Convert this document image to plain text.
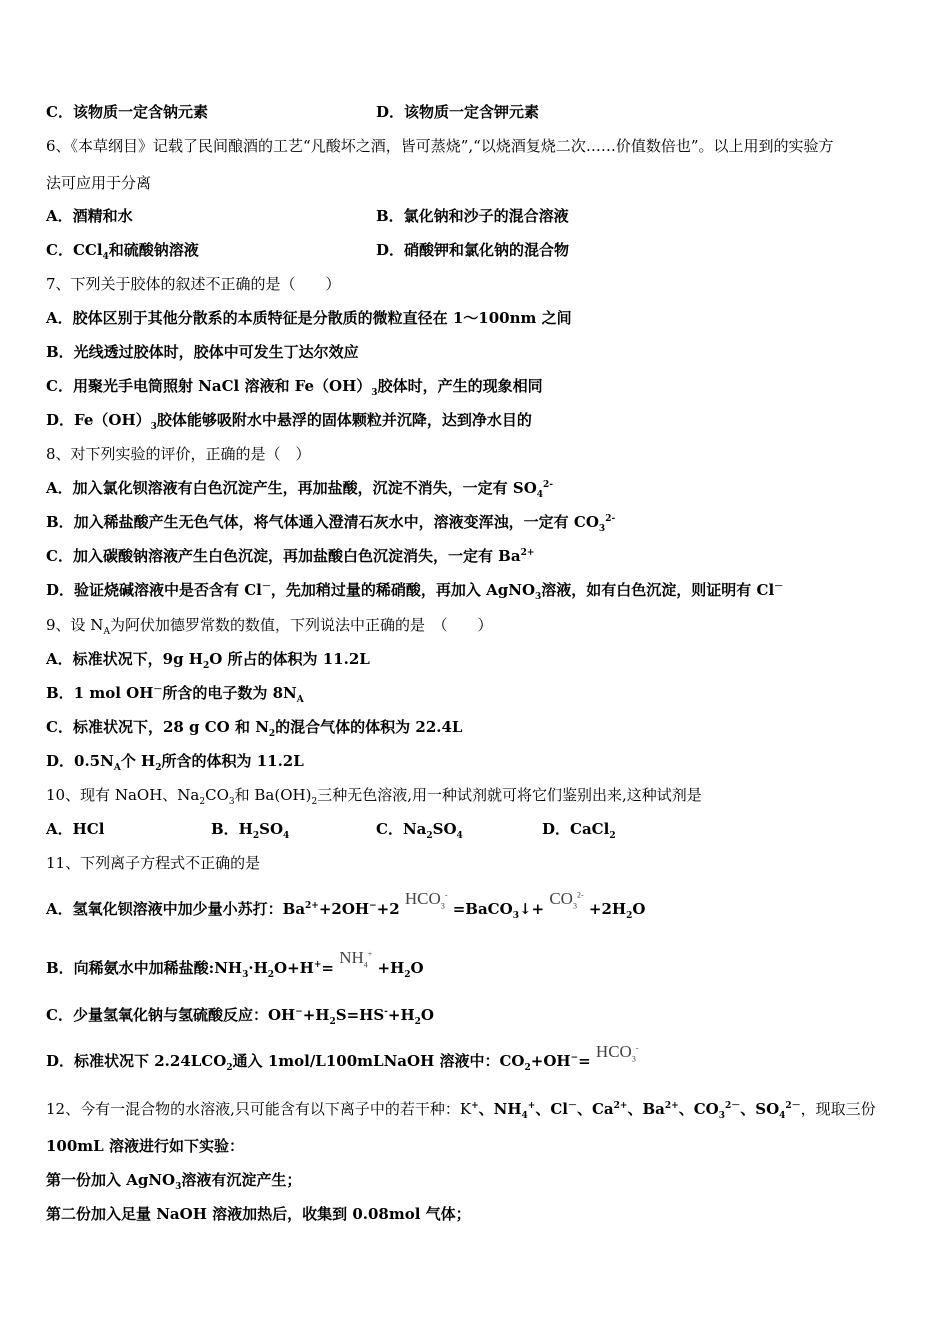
C．该物质一定含钠元素	D．该物质一定含钾元素
6、《本草纲目》记载了民间酿酒的工艺“凡酸坏之酒，皆可蒸烧”,“以烧酒复烧二次……价值数倍也”。以上用到的实验方
法可应用于分离
A．酒精和水	B．氯化钠和沙子的混合溶液
C．CCl$_4$和硫酸钠溶液	D．硝酸钾和氯化钠的混合物
7、下列关于胶体的叙述不正确的是（　　）
A．胶体区别于其他分散系的本质特征是分散质的微粒直径在 1～100nm 之间
B．光线透过胶体时，胶体中可发生丁达尔效应
C．用聚光手电筒照射 NaCl 溶液和 $Fe(OH)_3$胶体时，产生的现象相同
D．$Fe(OH)_3$胶体能够吸附水中悬浮的固体颗粒并沉降，达到净水目的
8、对下列实验的评价，正确的是（　）
A．加入氯化钡溶液有白色沉淀产生，再加盐酸，沉淀不消失，一定有 $SO_4^{2-}$
B．加入稀盐酸产生无色气体，将气体通入澄清石灰水中，溶液变浑浊，一定有 $CO_3^{2-}$
C．加入碳酸钠溶液产生白色沉淀，再加盐酸白色沉淀消失，一定有 $Ba^{2+}$
D．验证烧碱溶液中是否含有 Cl－，先加稍过量的稀硝酸，再加入 AgNO$_3$溶液，如有白色沉淀，则证明有 Cl－
9、设 $N_A$为阿伏加德罗常数的数值，下列说法中正确的是　（　　）
A．标准状况下，9g $H_2O$ 所占的体积为 11.2L
B．1 mol OH－所含的电子数为 $8N_A$
C．标准状况下，28 g CO 和 $N_2$的混合气体的体积为 22.4L
D．$0.5N_A$个 $H_2$所含的体积为 11.2L
10、现有 NaOH、$Na_2CO_3$和 $Ba(OH)_2$三种无色溶液,用一种试剂就可将它们鉴别出来,这种试剂是
A．HCl	B．$H_2SO_4$	C．$Na_2SO_4$	D．CaCl$_2$
11、下列离子方程式不正确的是
A．氢氧化钡溶液中加少量小苏打：$Ba^{2+}+2OH^-+2$ $HCO_3^-$ =BaCO$_3$↓+ $CO_3^{2-} +2H_2O$
B．向稀氨水中加稀盐酸$:NH_3\cdot H_2O+H^+= NH_4^+ +H_2O$
C．少量氢氧化钠与氢硫酸反应：$OH^-+H_2S=HS^-+H_2O$
D．标准状况下 $2.24LCO_2$通入 1mol/L100mLNaOH 溶液中：$CO_2+OH^-= HCO_3^-$
12、今有一混合物的水溶液,只可能含有以下离子中的若干种：K+、$NH_4^+$、Cl－、$Ca^{2+}$、$Ba^{2+}$、$CO_3^{2-}$、$SO_4^{2-}$，现取三份
100mL 溶液进行如下实验：
第一份加入 AgNO$_3$溶液有沉淀产生；
第二份加入足量 NaOH 溶液加热后，收集到 0.08mol 气体；
